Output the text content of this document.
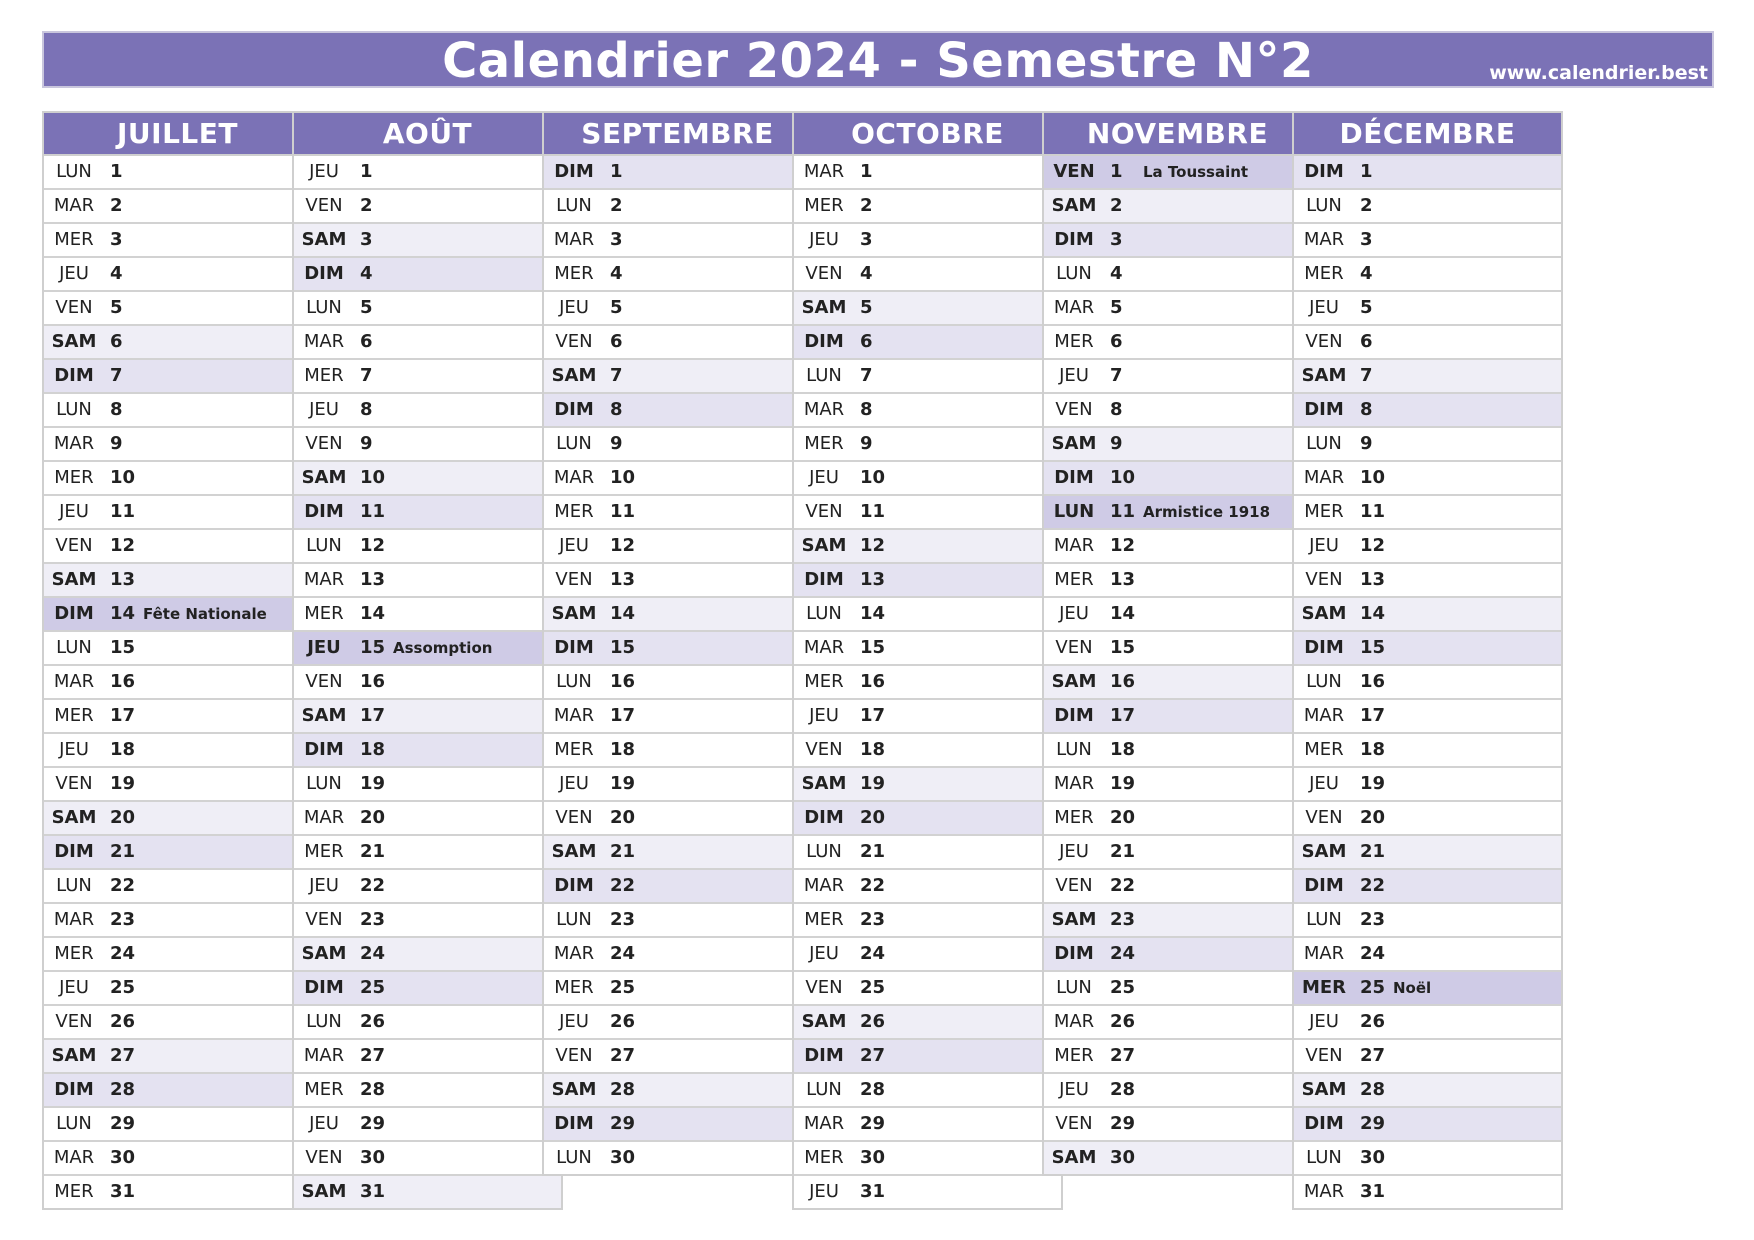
Calendrier 2024 - Semestre N°2	www.calendrier.best
JUILLET
LUN	1
MAR 2
MER 3
JEU	4
VEN 5
SAM 6
DIM 7
LUN	8
MAR 9
MER 10
JEU	11
VEN 12
SAM 13
DIM 14 Fête Nationale
LUN	15
MAR 16
MER 17
JEU	18
VEN 19
SAM 20
DIM 21
LUN	22
MAR 23
MER 24
JEU	25
VEN 26
SAM 27
DIM 28
LUN	29
MAR 30
MER 31
AOÛT
JEU	1
VEN 2
SAM 3
DIM 4
LUN	5
MAR 6
MER 7
JEU	8
VEN 9
SAM 10
DIM 11
LUN	12
MAR 13
MER 14
JEU	15 Assomption
VEN 16
SAM 17
DIM 18
LUN	19
MAR 20
MER 21
JEU	22
VEN 23
SAM 24
DIM 25
LUN	26
MAR 27
MER 28
JEU	29
VEN 30
SAM 31
SEPTEMBRE
DIM 1
LUN	2
MAR 3
MER 4
JEU	5
VEN 6
SAM 7
DIM 8
LUN	9
MAR 10
MER 11
JEU	12
VEN 13
SAM 14
DIM 15
LUN	16
MAR 17
MER 18
JEU	19
VEN 20
SAM 21
DIM 22
LUN	23
MAR 24
MER 25
JEU	26
VEN 27
SAM 28
DIM 29
LUN	30
OCTOBRE
MAR 1
MER 2
JEU	3
VEN 4
SAM 5
DIM 6
LUN	7
MAR 8
MER 9
JEU	10
VEN 11
SAM 12
DIM 13
LUN	14
MAR 15
MER 16
JEU	17
VEN 18
SAM 19
DIM 20
LUN	21
MAR 22
MER 23
JEU	24
VEN 25
SAM 26
DIM 27
LUN	28
MAR 29
MER 30
JEU	31
NOVEMBRE
VEN 1 La Toussaint
SAM 2
DIM 3
LUN	4
MAR 5
MER 6
JEU	7
VEN 8
SAM 9
DIM 10
LUN 11 Armistice 1918
MAR 12
MER 13
JEU	14
VEN 15
SAM 16
DIM 17
LUN	18
MAR 19
MER 20
JEU	21
VEN 22
SAM 23
DIM 24
LUN	25
MAR 26
MER 27
JEU	28
VEN 29
SAM 30
DÉCEMBRE
DIM 1
LUN	2
MAR 3
MER 4
JEU	5
VEN 6
SAM 7
DIM 8
LUN	9
MAR 10
MER 11
JEU	12
VEN 13
SAM 14
DIM 15
LUN	16
MAR 17
MER 18
JEU	19
VEN 20
SAM 21
DIM 22
LUN	23
MAR 24
MER 25 Noël
JEU	26
VEN 27
SAM 28
DIM 29
LUN	30
MAR 31
